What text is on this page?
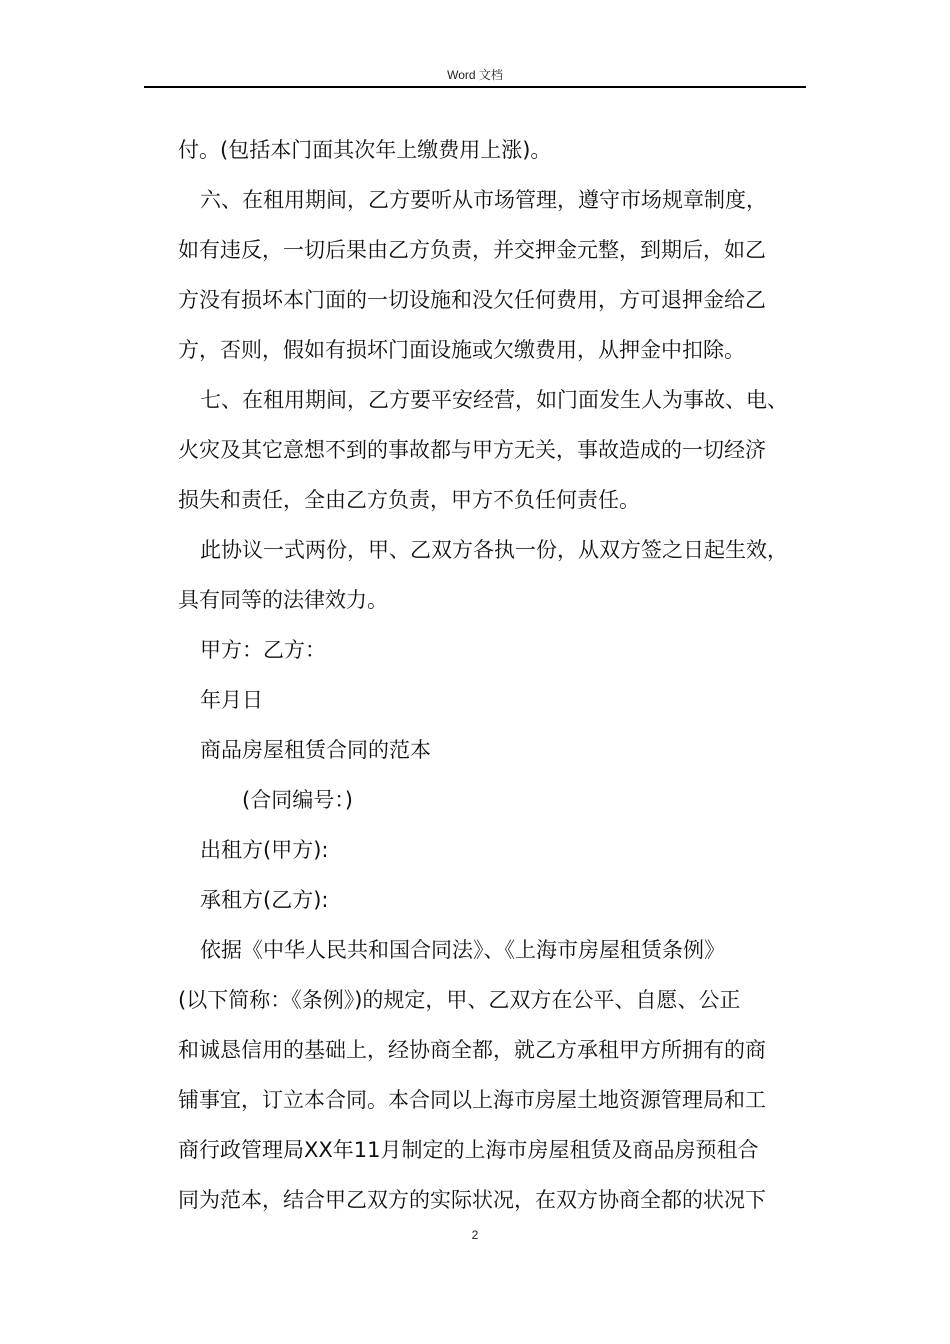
Word 文档
付。(包括本门面其次年上缴费用上涨)。
六、在租用期间，乙方要听从市场管理，遵守市场规章制度，
如有违反，一切后果由乙方负责，并交押金元整，到期后，如乙
方没有损坏本门面的一切设施和没欠任何费用，方可退押金给乙
方，否则，假如有损坏门面设施或欠缴费用，从押金中扣除。
七、在租用期间，乙方要平安经营，如门面发生人为事故、电、
火灾及其它意想不到的事故都与甲方无关，事故造成的一切经济
损失和责任，全由乙方负责，甲方不负任何责任。
此协议一式两份，甲、乙双方各执一份，从双方签之日起生效，
具有同等的法律效力。
甲方：乙方：
年月日
商品房屋租赁合同的范本
(合同编号：)
出租方(甲方):
承租方(乙方):
依据《中华人民共和国合同法》、《上海市房屋租赁条例》
(以下简称：《条例》)的规定，甲、乙双方在公平、自愿、公正
和诚恳信用的基础上，经协商全都，就乙方承租甲方所拥有的商
铺事宜，订立本合同。本合同以上海市房屋土地资源管理局和工
商行政管理局XX年11月制定的上海市房屋租赁及商品房预租合
同为范本，结合甲乙双方的实际状况，在双方协商全都的状况下
2
